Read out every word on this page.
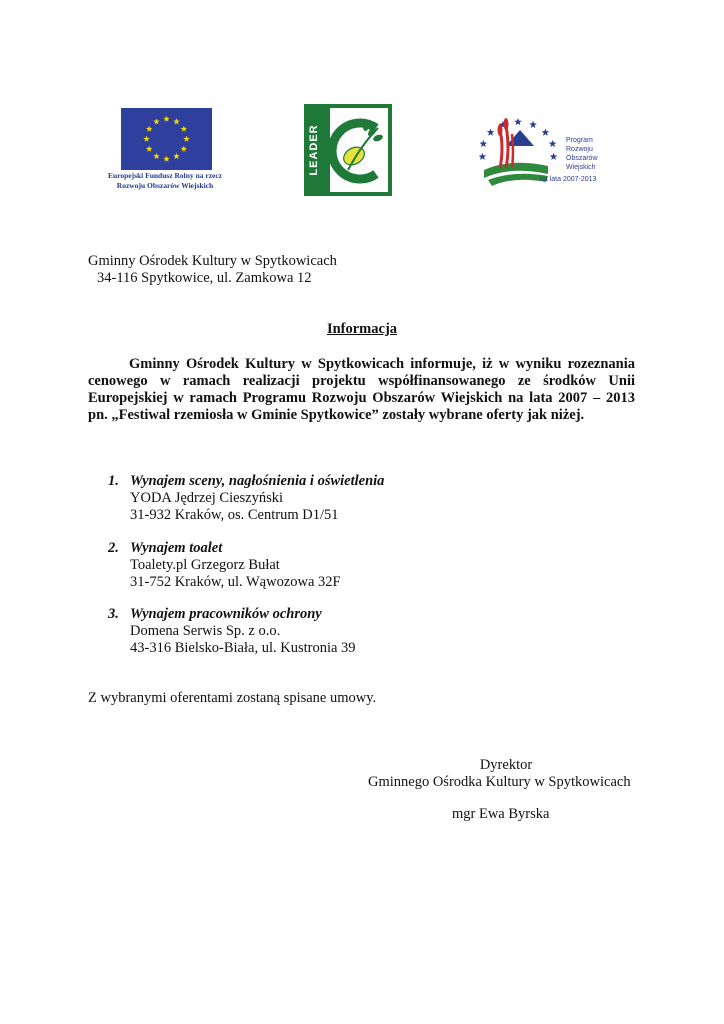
Europejski Fundusz Rolny na rzecz
Rozwoju Obszarów Wiejskich
LEADER	Program
Rozwoju
Obszarów
Wiejskich
na lata 2007-2013
Gminny Ośrodek Kultury w Spytkowicach
34-116 Spytkowice, ul. Zamkowa 12
Informacja

Gminny Ośrodek Kultury w Spytkowicach informuje, iż w wyniku rozeznania cenowego w ramach realizacji projektu współfinansowanego ze środków Unii Europejskiej w ramach Programu Rozwoju Obszarów Wiejskich na lata 2007 – 2013 pn. „Festiwal rzemiosła w Gminie Spytkowice” zostały wybrane oferty jak niżej.

1. Wynajem sceny, nagłośnienia i oświetlenia
YODA Jędrzej Cieszyński
31-932 Kraków, os. Centrum D1/51
2. Wynajem toalet
Toalety.pl Grzegorz Bułat
31-752 Kraków, ul. Wąwozowa 32F
3. Wynajem pracowników ochrony
Domena Serwis Sp. z o.o.
43-316 Bielsko-Biała, ul. Kustronia 39
Z wybranymi oferentami zostaną spisane umowy.
Dyrektor
Gminnego Ośrodka Kultury w Spytkowicach
mgr Ewa Byrska
